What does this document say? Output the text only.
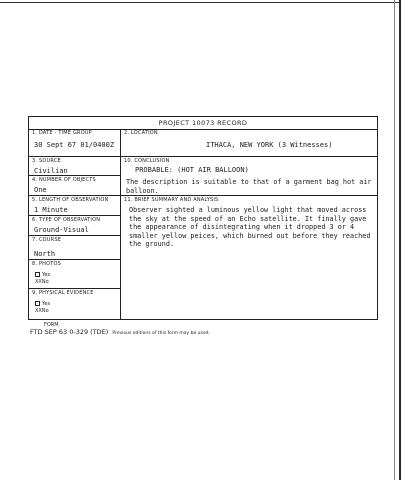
PROJECT 10073 RECORD
1. DATE - TIME GROUP
30 Sept 67 01/0400Z
3. SOURCE
Civilian
4. NUMBER OF OBJECTS
One
5. LENGTH OF OBSERVATION
1 Minute
6. TYPE OF OBSERVATION
Ground-Visual
7. COURSE
North
8. PHOTOS
Yes
XXNo
9. PHYSICAL EVIDENCE
Yes
XXNo
2. LOCATION
ITHACA, NEW YORK (3 Witnesses)
10. CONCLUSION
PROBABLE: (HOT AIR BALLOON)
The description is suitable to that of a garment bag hot air balloon.
11. BRIEF SUMMARY AND ANALYSIS
Observer sighted a luminous yellow light that moved across the sky at the speed of an Echo satellite. It finally gave the appearance of disintegrating when it dropped 3 or 4 smaller yellow peices, which burned out before they reached the ground.
FORM
FTD SEP 63 0-329 (TDE) Previous editions of this form may be used.
